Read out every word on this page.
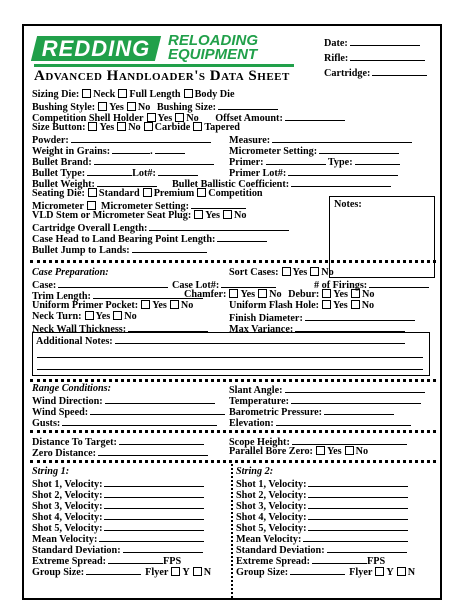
REDDING	RELOADING
EQUIPMENT
Date:
Rifle:
Cartridge:
Advanced Handloader's Data Sheet
Sizing Die: Neck Full Length Body Die
Bushing Style: Yes No Bushing Size:
Competition Shell Holder Yes No Offset Amount:
Size Button: Yes No Carbide Tapered
Powder:	Measure:
Weight in Grains:	.	Micrometer Setting:
Bullet Brand:	Primer:	Type:
Bullet Type:	Lot#:	Primer Lot#:
Bullet Weight:	Bullet Ballistic Coefficient:
Seating Die: Standard Premium Competition
Micrometer Micrometer Setting:
VLD Stem or Micrometer Seat Plug: Yes No
Cartridge Overall Length:
Case Head to Land Bearing Point Length:
Bullet Jump to Lands:
Notes:
Case Preparation:	Sort Cases: Yes No
Case:	Case Lot#:	# of Firings:
Trim Length:	Chamfer: Yes No Debur: Yes No
Uniform Primer Pocket: Yes No	Uniform Flash Hole: Yes No
Neck Turn: Yes No	Finish Diameter:
Neck Wall Thickness:	Max Variance:
Additional Notes:
Range Conditions:	Slant Angle:
Wind Direction:	Temperature:
Wind Speed:	Barometric Pressure:
Gusts:	Elevation:
Distance To Target:	Scope Height:
Zero Distance:	Parallel Bore Zero: Yes No
String 1:
Shot 1, Velocity:
Shot 2, Velocity:
Shot 3, Velocity:
Shot 4, Velocity:
Shot 5, Velocity:
Mean Velocity:
Standard Deviation:
Extreme Spread:	FPS
Group Size:	Flyer Y N
String 2:
Shot 1, Velocity:
Shot 2, Velocity:
Shot 3, Velocity:
Shot 4, Velocity:
Shot 5, Velocity:
Mean Velocity:
Standard Deviation:
Extreme Spread:	FPS
Group Size:	Flyer Y N
